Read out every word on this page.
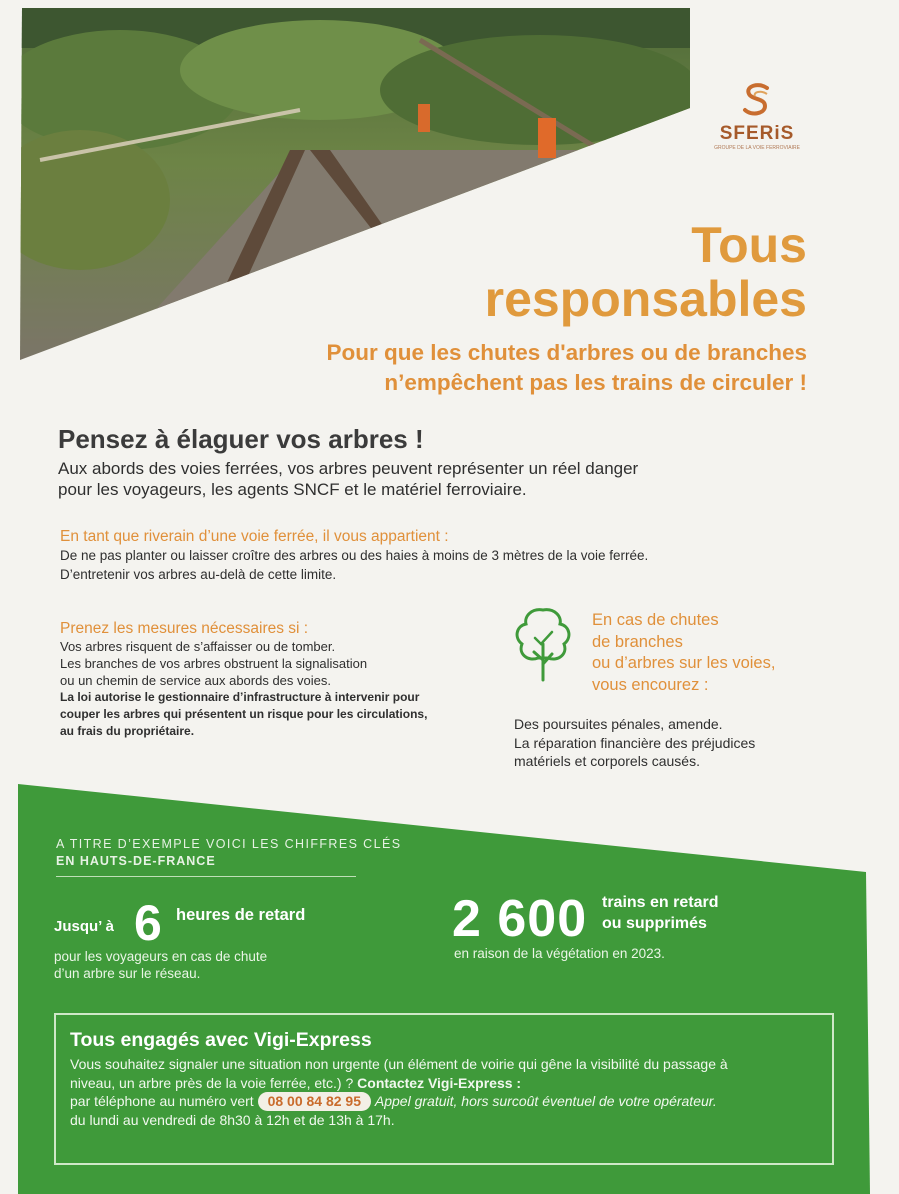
SFERiS
GROUPE DE LA VOIE FERROVIAIRE
Tous
responsables
Pour que les chutes d'arbres ou de branches
n’empêchent pas les trains de circuler !
Pensez à élaguer vos arbres !
Aux abords des voies ferrées, vos arbres peuvent représenter un réel danger
pour les voyageurs, les agents SNCF et le matériel ferroviaire.
En tant que riverain d’une voie ferrée, il vous appartient :
De ne pas planter ou laisser croître des arbres ou des haies à moins de 3 mètres de la voie ferrée.
D’entretenir vos arbres au-delà de cette limite.
Prenez les mesures nécessaires si :
Vos arbres risquent de s’affaisser ou de tomber.
Les branches de vos arbres obstruent la signalisation
ou un chemin de service aux abords des voies.
La loi autorise le gestionnaire d’infrastructure à intervenir pour
couper les arbres qui présentent un risque pour les circulations,
au frais du propriétaire.
En cas de chutes
de branches
ou d’arbres sur les voies,
vous encourez :
Des poursuites pénales, amende.
La réparation financière des préjudices
matériels et corporels causés.
A TITRE D’EXEMPLE VOICI LES CHIFFRES CLÉS
EN HAUTS-DE-FRANCE
Jusqu’ à 6 heures de retard
pour les voyageurs en cas de chute
d’un arbre sur le réseau.
2 600 trains en retard
ou supprimés
en raison de la végétation en 2023.
Tous engagés avec Vigi-Express
Vous souhaitez signaler une situation non urgente (un élément de voirie qui gêne la visibilité du passage à
niveau, un arbre près de la voie ferrée, etc.) ? Contactez Vigi-Express :
par téléphone au numéro vert 08 00 84 82 95 Appel gratuit, hors surcoût éventuel de votre opérateur.
du lundi au vendredi de 8h30 à 12h et de 13h à 17h.
